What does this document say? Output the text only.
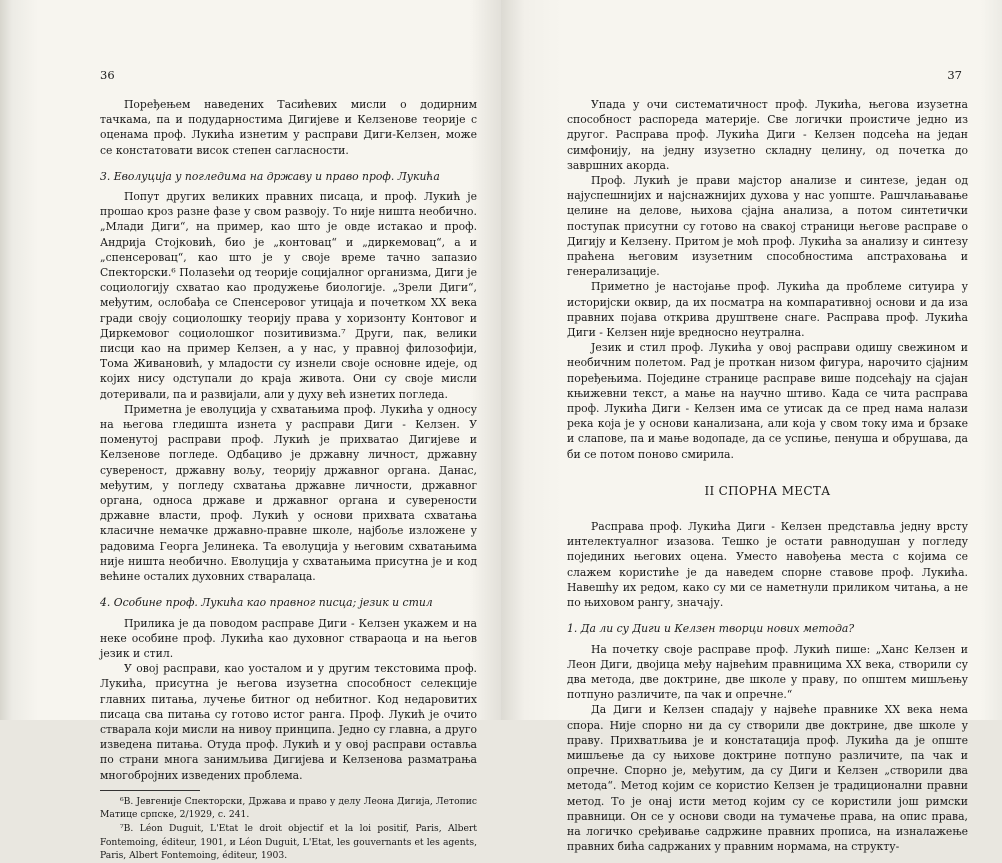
36

Поређењем наведених Тасићевих мисли о додирним тачкама, па и подударностима Дигијеве и Келзенове теорије с оценама проф. Лукића изнетим у расправи Диги-Келзен, може се констатовати висок степен сагласности.

3. Еволуција у погледима на државу и право проф. Лукића

Попут других великих правних писаца, и проф. Лукић је прошао кроз разне фазе у свом развоју. То није ништа необично. „Млади Диги“, на пример, као што је овде истакао и проф. Андрија Стојковић, био је „контовац“ и „диркемовац“, а и „спенсеровац“, као што је у своје време тачно запазио Спекторски.⁶ Полазећи од теорије социјалног организма, Диги је социологију схватао као продужење биологије. „Зрели Диги“, међутим, ослобађа се Спенсеровог утицаја и почетком XX века гради своју социолошку теорију права у хоризонту Контовог и Диркемовог социолошког позитивизма.⁷ Други, пак, велики писци као на пример Келзен, а у нас, у правној филозофији, Тома Живановић, у младости су изнели своје основне идеје, од којих нису одступали до краја живота. Они су своје мисли дотеривали, па и развијали, али у духу већ изнетих погледа.

Приметна је еволуција у схватањима проф. Лукића у односу на његова гледишта изнета у расправи Диги - Келзен. У поменутој расправи проф. Лукић је прихватао Дигијеве и Келзенове погледе. Одбациво је државну личност, државну сувереност, државну вољу, теорију државног органа. Данас, међутим, у погледу схватања државне личности, државног органа, односа државе и државног органа и суверености државне власти, проф. Лукић у основи прихвата схватања класичне немачке државно-правне школе, најбоље изложене у радовима Георга Јелинека. Та еволуција у његовим схватањима није ништа необично. Еволуција у схватањима присутна је и код већине осталих духовних стваралаца.

4. Особине проф. Лукића као правног писца; језик и стил

Прилика је да поводом расправе Диги - Келзен укажем и на неке особине проф. Лукића као духовног ствараоца и на његов језик и стил.

У овој расправи, као уосталом и у другим текстовима проф. Лукића, присутна је његова изузетна способност селекције главних питања, лучење битног од небитног. Код недаровитих писаца сва питања су готово истог ранга. Проф. Лукић је очито стварала који мисли на нивоу принципа. Једно су главна, а друго изведена питања. Отуда проф. Лукић и у овој расправи оставља по страни многа занимљива Дигијева и Келзенова разматрања многобројних изведених проблема.

⁶В. Јевгеније Спекторски, Држава и право у делу Леона Дигија, Летопис Матице српске, 2/1929, с. 241.

⁷В. Léon Duguit, L'Etat le droit objectif et la loi positif, Paris, Albert Fontemoing, éditeur, 1901, и Léon Duguit, L'Etat, les gouvernants et les agents, Paris, Albert Fontemoing, éditeur, 1903.

37

Упада у очи систематичност проф. Лукића, његова изузетна способност распореда материје. Све логички проистиче једно из другог. Расправа проф. Лукића Диги - Келзен подсећа на један симфонију, на једну изузетно складну целину, од почетка до завршних акорда.

Проф. Лукић је прави мајстор анализе и синтезе, један од најуспешнијих и најснажнијих духова у нас уопште. Рашчлањавање целине на делове, њихова сјајна анализа, а потом синтетички поступак присутни су готово на свакој страници његове расправе о Дигију и Келзену. Притом је моћ проф. Лукића за анализу и синтезу праћена његовим изузетним способностима апстраховања и генерализације.

Приметно је настојање проф. Лукића да проблеме ситуира у историјски оквир, да их посматра на компаративној основи и да иза правних појава открива друштвене снаге. Расправа проф. Лукића Диги - Келзен није вредносно неутрална.

Језик и стил проф. Лукића у овој расправи одишу свежином и необичним полетом. Рад је проткан низом фигура, нарочито сјајним поређењима. Поједине странице расправе више подсећају на сјајан књижевни текст, а мање на научно штиво. Када се чита расправа проф. Лукића Диги - Келзен има се утисак да се пред нама налази река која је у основи канализана, али која у свом току има и брзаке и слапове, па и мање водопаде, да се успиње, пенуша и обрушава, да би се потом поново смирила.

II СПОРНА МЕСТА

Расправа проф. Лукића Диги - Келзен представља једну врсту интелектуалног изазова. Тешко је остати равнодушан у погледу појединих његових оцена. Уместо навођења места с којима се слажем користиће је да наведем спорне ставове проф. Лукића. Навешћу их редом, како су ми се наметнули приликом читања, а не по њиховом рангу, значају.

1. Да ли су Диги и Келзен творци нових метода?

На почетку своје расправе проф. Лукић пише: „Ханс Келзен и Леон Диги, двојица међу највећим правницима XX века, створили су два метода, две доктрине, две школе у праву, по општем мишљењу потпуно различите, па чак и опречне.“

Да Диги и Келзен спадају у највеће правнике XX века нема спора. Није спорно ни да су створили две доктрине, две школе у праву. Прихватљива је и констатација проф. Лукића да је опште мишљење да су њихове доктрине потпуно различите, па чак и опречне. Спорно је, међутим, да су Диги и Келзен „створили два метода“. Метод којим се користио Келзен је традиционални правни метод. То је онај исти метод којим су се користили још римски правници. Он се у основи своди на тумачење права, на опис права, на логичко сређивање садржине правних прописа, на изналажење правних бића садржаних у правним нормама, на структу-
